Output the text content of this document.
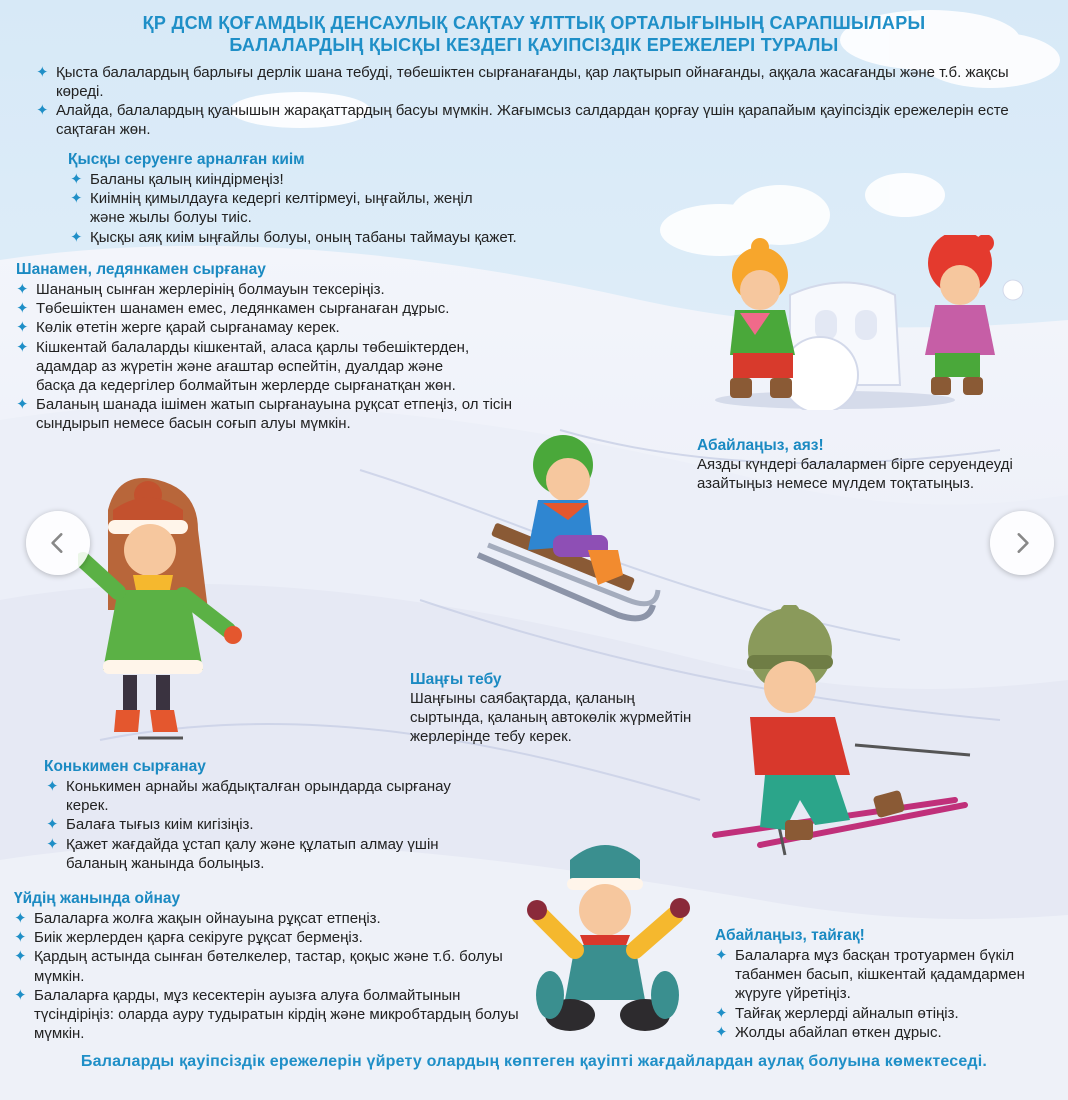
ҚР ДСМ ҚОҒАМДЫҚ ДЕНСАУЛЫҚ САҚТАУ ҰЛТТЫҚ ОРТАЛЫҒЫНЫҢ САРАПШЫЛАРЫ
БАЛАЛАРДЫҢ ҚЫСҚЫ КЕЗДЕГІ ҚАУІПСІЗДІК ЕРЕЖЕЛЕРІ ТУРАЛЫ
✦ Қыста балалардың барлығы дерлік шана тебуді, төбешіктен сырғанағанды, қар лақтырып ойнағанды, аққала жасағанды және т.б. жақсы көреді.
✦ Алайда, балалардың қуанышын жарақаттардың басуы мүмкін. Жағымсыз салдардан қорғау үшін қарапайым қауіпсіздік ережелерін есте сақтаған жөн.
Қысқы серуенге арналған киім
✦ Баланы қалың киіндірмеңіз!
✦ Киімнің қимылдауға кедергі келтірмеуі, ыңғайлы, жеңіл және жылы болуы тиіс.
✦ Қысқы аяқ киім ыңғайлы болуы, оның табаны таймауы қажет.
Шанамен, ледянкамен сырғанау
✦ Шананың сынған жерлерінің болмауын тексеріңіз.
✦ Төбешіктен шанамен емес, ледянкамен сырғанаған дұрыс.
✦ Көлік өтетін жерге қарай сырғанамау керек.
✦ Кішкентай балаларды кішкентай, аласа қарлы төбешіктерден, адамдар аз жүретін және ағаштар өспейтін, дуалдар және басқа да кедергілер болмайтын жерлерде сырғанатқан жөн.
✦ Баланың шанада ішімен жатып сырғанауына рұқсат етпеңіз, ол тісін сындырып немесе басын соғып алуы мүмкін.
Абайлаңыз, аяз!
Аязды күндері балалармен бірге серуендеуді азайтыңыз немесе мүлдем тоқтатыңыз.
Шаңғы тебу
Шаңғыны саябақтарда, қаланың сыртында, қаланың автокөлік жүрмейтін жерлерінде тебу керек.
Конькимен сырғанау
✦ Конькимен арнайы жабдықталған орындарда сырғанау керек.
✦ Балаға тығыз киім кигізіңіз.
✦ Қажет жағдайда ұстап қалу және құлатып алмау үшін баланың жанында болыңыз.
Үйдің жанында ойнау
✦ Балаларға жолға жақын ойнауына рұқсат етпеңіз.
✦ Биік жерлерден қарға секіруге рұқсат бермеңіз.
✦ Қардың астында сынған бөтелкелер, тастар, қоқыс және т.б. болуы мүмкін.
✦ Балаларға қарды, мұз кесектерін ауызға алуға болмайтынын түсіндіріңіз: оларда ауру тудыратын кірдің және микробтардың болуы мүмкін.
Абайлаңыз, тайғақ!
✦ Балаларға мұз басқан тротуармен бүкіл табанмен басып, кішкентай қадамдармен жүруге үйретіңіз.
✦ Тайғақ жерлерді айналып өтіңіз.
✦ Жолды абайлап өткен дұрыс.
Балаларды қауіпсіздік ережелерін үйрету олардың көптеген қауіпті жағдайлардан аулақ болуына көмектеседі.
